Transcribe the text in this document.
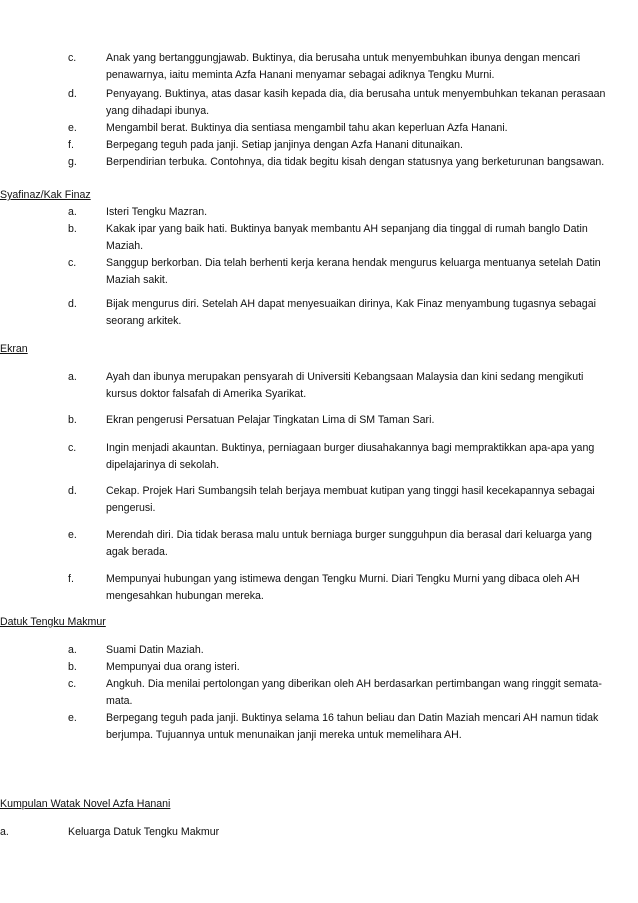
c.	Anak yang bertanggungjawab. Buktinya, dia berusaha untuk menyembuhkan ibunya dengan mencari penawarnya, iaitu meminta Azfa Hanani menyamar sebagai adiknya Tengku Murni.
d.	Penyayang. Buktinya, atas dasar kasih kepada dia, dia berusaha untuk menyembuhkan tekanan perasaan yang dihadapi ibunya.
e.	Mengambil berat. Buktinya dia sentiasa mengambil tahu akan keperluan Azfa Hanani.
f.	Berpegang teguh pada janji. Setiap janjinya dengan Azfa Hanani ditunaikan.
g.	Berpendirian terbuka. Contohnya, dia tidak begitu kisah dengan statusnya yang berketurunan bangsawan.
Syafinaz/Kak Finaz
a.	Isteri Tengku Mazran.
b.	Kakak ipar yang baik hati. Buktinya banyak membantu AH sepanjang dia tinggal di rumah banglo Datin Maziah.
c.	Sanggup berkorban. Dia telah berhenti kerja kerana hendak mengurus keluarga mentuanya setelah Datin Maziah sakit.
d.	Bijak mengurus diri. Setelah AH dapat menyesuaikan dirinya, Kak Finaz menyambung tugasnya sebagai seorang arkitek.
Ekran
a.	Ayah dan ibunya merupakan pensyarah di Universiti Kebangsaan Malaysia dan kini sedang mengikuti kursus doktor falsafah di Amerika Syarikat.
b.	Ekran pengerusi Persatuan Pelajar Tingkatan Lima di SM Taman Sari.
c.	Ingin menjadi akauntan. Buktinya, perniagaan burger diusahakannya bagi mempraktikkan apa-apa yang dipelajarinya di sekolah.
d.	Cekap. Projek Hari Sumbangsih telah berjaya membuat kutipan yang tinggi hasil kecekapannya sebagai pengerusi.
e.	Merendah diri. Dia tidak berasa malu untuk berniaga burger sungguhpun dia berasal dari keluarga yang agak berada.
f.	Mempunyai hubungan yang istimewa dengan Tengku Murni. Diari Tengku Murni yang dibaca oleh AH mengesahkan hubungan mereka.
Datuk Tengku Makmur
a.	Suami Datin Maziah.
b.	Mempunyai dua orang isteri.
c.	Angkuh. Dia menilai pertolongan yang diberikan oleh AH berdasarkan pertimbangan wang ringgit semata-mata.
e.	Berpegang teguh pada janji. Buktinya selama 16 tahun beliau dan Datin Maziah mencari AH namun tidak berjumpa. Tujuannya untuk menunaikan janji mereka untuk memelihara AH.
Kumpulan Watak Novel Azfa Hanani
a.	Keluarga Datuk Tengku Makmur
